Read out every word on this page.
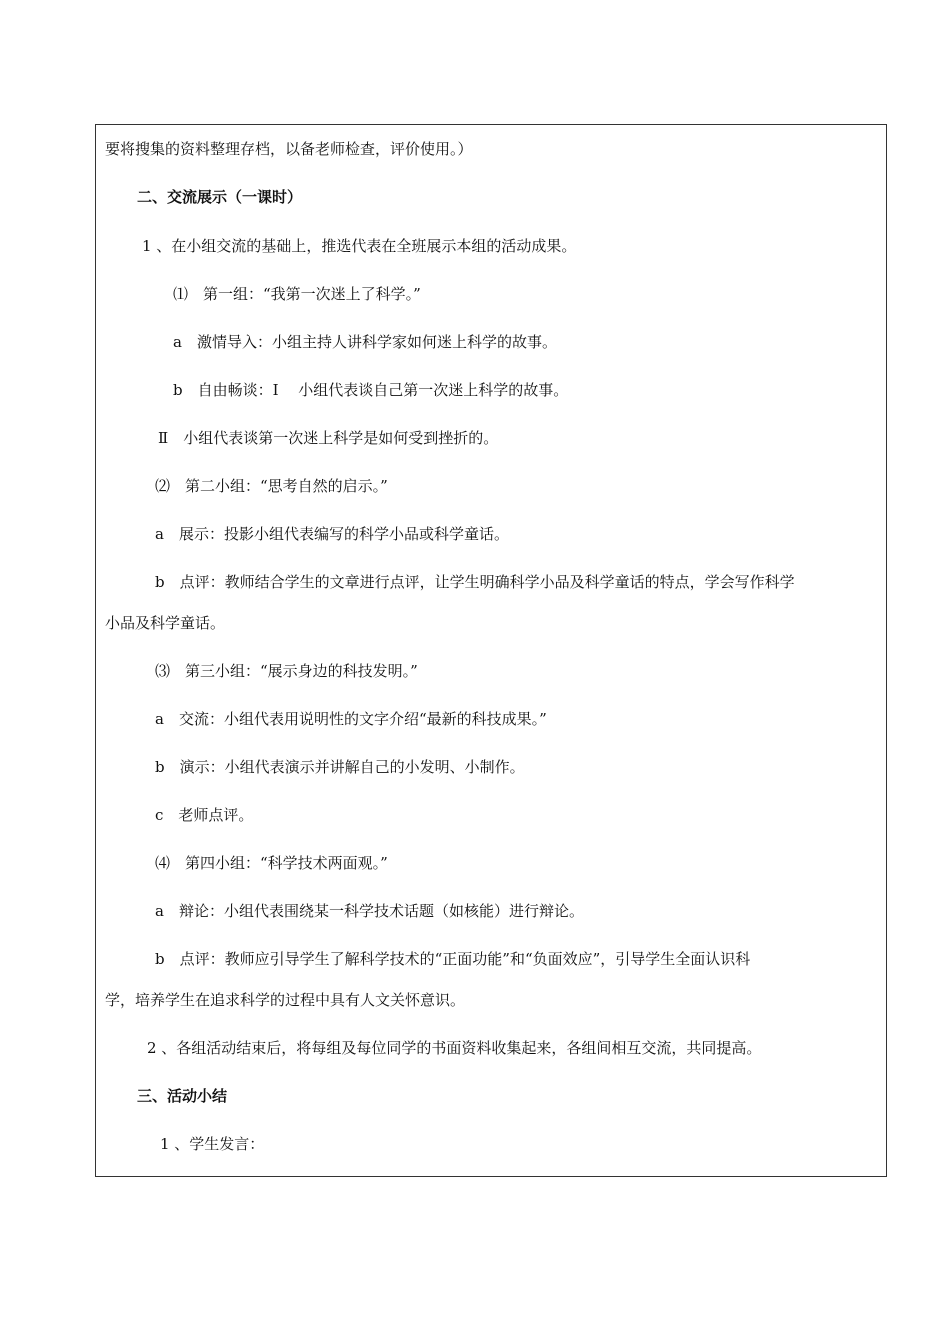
要将搜集的资料整理存档，以备老师检查，评价使用。）
二、交流展示（一课时）
1 、在小组交流的基础上，推选代表在全班展示本组的活动成果。
⑴　第一组：“我第一次迷上了科学。”
a　激情导入：小组主持人讲科学家如何迷上科学的故事。
b　自由畅谈：Ⅰ　 小组代表谈自己第一次迷上科学的故事。
Ⅱ　小组代表谈第一次迷上科学是如何受到挫折的。
⑵　第二小组：“思考自然的启示。”
a　展示：投影小组代表编写的科学小品或科学童话。
b　点评：教师结合学生的文章进行点评，让学生明确科学小品及科学童话的特点，学会写作科学
小品及科学童话。
⑶　第三小组：“展示身边的科技发明。”
a　交流：小组代表用说明性的文字介绍“最新的科技成果。”
b　演示：小组代表演示并讲解自己的小发明、小制作。
c　老师点评。
⑷　第四小组：“科学技术两面观。”
a　辩论：小组代表围绕某一科学技术话题（如核能）进行辩论。
b　点评：教师应引导学生了解科学技术的“正面功能”和“负面效应”，引导学生全面认识科
学，培养学生在追求科学的过程中具有人文关怀意识。
2 、各组活动结束后，将每组及每位同学的书面资料收集起来，各组间相互交流，共同提高。
三、活动小结
1 、学生发言：
